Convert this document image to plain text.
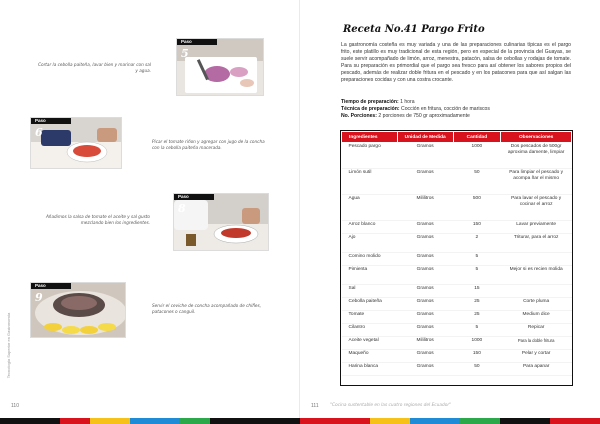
Tecnología Superior en Gastronomía
Paso
5
Cortar la cebolla paiteña, lavar bien y marinar con sal y agua.
Paso
6
Picar el tomate riñon y agregar con jugo de la concha con la cebolla paiteña macerada.
Paso
8
Añadimos la salsa de tomate el aceite y sal gusto mezclando bien los ingredientes.
Paso
9
Servir el ceviche de concha acompañado de chifles, patacones o canguil.
110
Receta No.41 Pargo Frito
La gastronomía costeña es muy variada y una de las preparaciones culinarias típicas es el pargo frito, este platillo es muy tradicional de esta región, pero en especial de la provincia del Guayas, se suele servir acompañado de limón, arroz, menestra, patacón, salsa de cebollas y rodajas de tomate. Para su preparación es primordial que el pargo sea fresco para así obtener los sabores propios del pescado, además de realizar doble fritura en el pescado y en los patacones para que así salgan las preparaciones cocidas y con una costra crocante.
Tiempo de preparación: 1 hora
Técnica de preparación: Cocción en fritura, cocción de mariscos
No. Porciones: 2 porciones de 750 gr aproximadamente
Ingredientes	Unidad de Medida	Cantidad	Observaciones
Pescado pargo	Gramos	1000	Dos pescados de 500gr aproxima damente, limpiar
Limón sutil	Gramos	50	Para limpiar el pescado y acompa ñar el mismo
Agua	Mililitros	500	Para lavar el pescado y cocinar el arroz
Arroz blanco	Gramos	150	Lavar previamente
Ajo	Gramos	2	Triturar, para el arroz
Comino molido	Gramos	5	
Pimienta	Gramos	5	Mejor si es recien molida
Sal	Gramos	15	
Cebolla paiteña	Gramos	25	Corte pluma
Tomate	Gramos	25	Medium dice
Cilantro	Gramos	5	Repicar
Aceite vegetal	Mililitros	1000	Para la doble fritura
Maqueño	Gramos	150	Pelar y cortar
Harina blanca	Gramos	50	Para apanar
111	"Cocina sustentable en las cuatro regiones del Ecuador"
